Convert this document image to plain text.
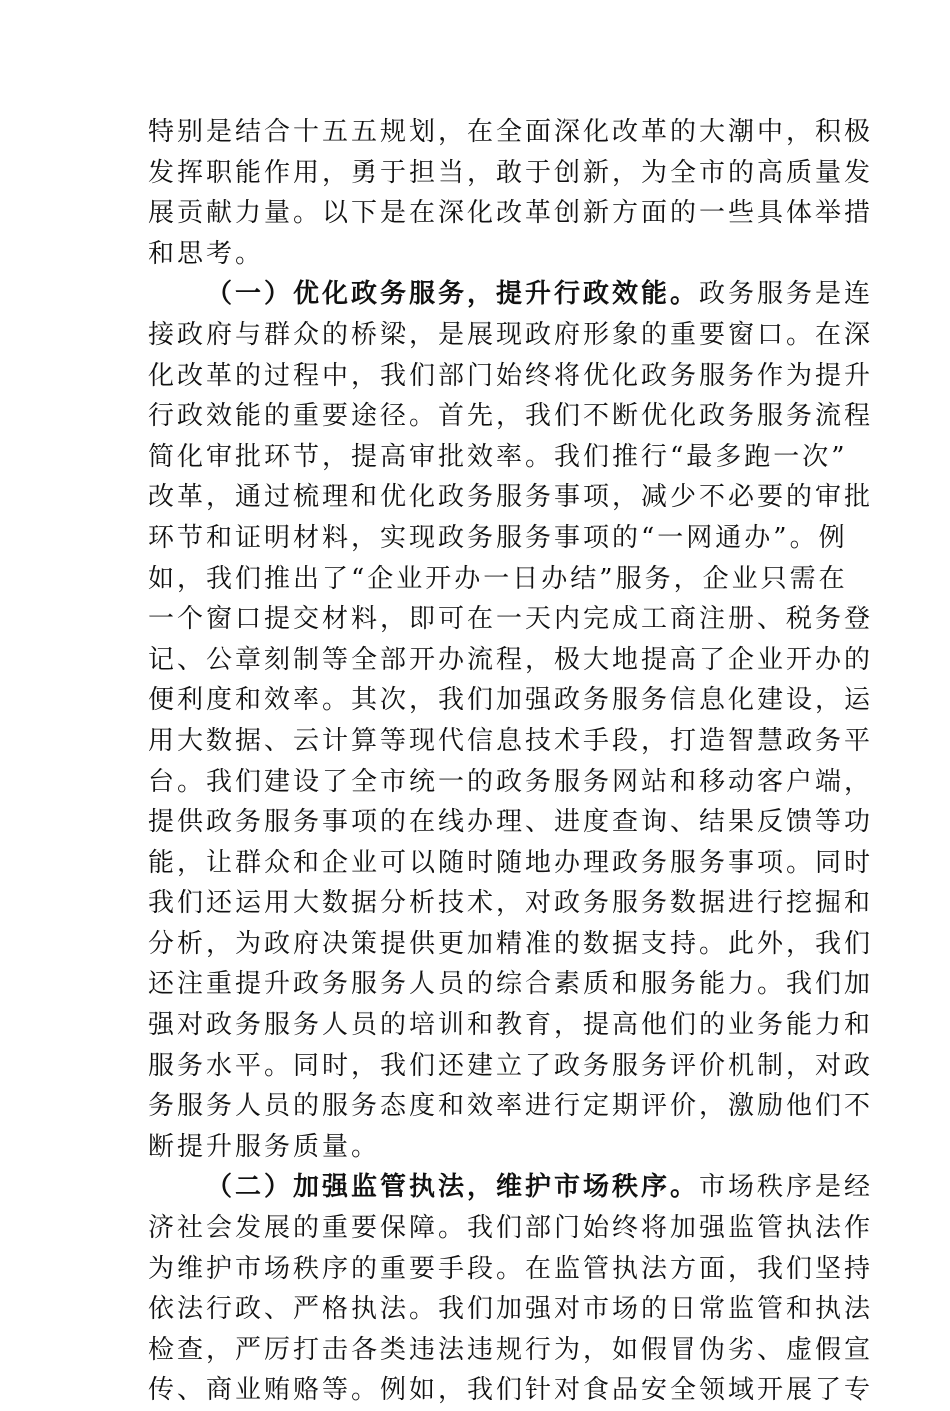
特别是结合十五五规划，在全面深化改革的大潮中，积极
发挥职能作用，勇于担当，敢于创新，为全市的高质量发
展贡献力量。以下是在深化改革创新方面的一些具体举措
和思考。
（一）优化政务服务，提升行政效能。政务服务是连
接政府与群众的桥梁，是展现政府形象的重要窗口。在深
化改革的过程中，我们部门始终将优化政务服务作为提升
行政效能的重要途径。首先，我们不断优化政务服务流程
简化审批环节，提高审批效率。我们推行“最多跑一次”
改革，通过梳理和优化政务服务事项，减少不必要的审批
环节和证明材料，实现政务服务事项的“一网通办”。例
如，我们推出了“企业开办一日办结”服务，企业只需在
一个窗口提交材料，即可在一天内完成工商注册、税务登
记、公章刻制等全部开办流程，极大地提高了企业开办的
便利度和效率。其次，我们加强政务服务信息化建设，运
用大数据、云计算等现代信息技术手段，打造智慧政务平
台。我们建设了全市统一的政务服务网站和移动客户端，
提供政务服务事项的在线办理、进度查询、结果反馈等功
能，让群众和企业可以随时随地办理政务服务事项。同时
我们还运用大数据分析技术，对政务服务数据进行挖掘和
分析，为政府决策提供更加精准的数据支持。此外，我们
还注重提升政务服务人员的综合素质和服务能力。我们加
强对政务服务人员的培训和教育，提高他们的业务能力和
服务水平。同时，我们还建立了政务服务评价机制，对政
务服务人员的服务态度和效率进行定期评价，激励他们不
断提升服务质量。
（二）加强监管执法，维护市场秩序。市场秩序是经
济社会发展的重要保障。我们部门始终将加强监管执法作
为维护市场秩序的重要手段。在监管执法方面，我们坚持
依法行政、严格执法。我们加强对市场的日常监管和执法
检查，严厉打击各类违法违规行为，如假冒伪劣、虚假宣
传、商业贿赂等。例如，我们针对食品安全领域开展了专
